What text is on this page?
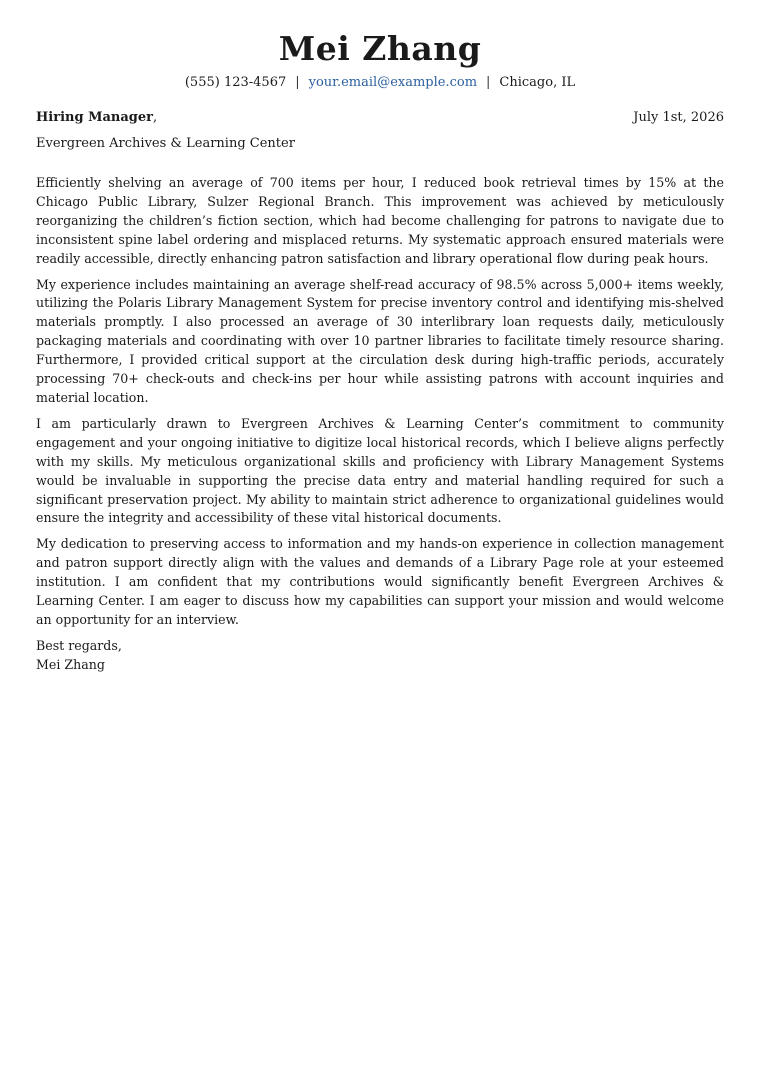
Mei Zhang
(555) 123-4567 | your.email@example.com | Chicago, IL
Hiring Manager,	July 1st, 2026
Evergreen Archives & Learning Center

Efficiently shelving an average of 700 items per hour, I reduced book retrieval times by 15% at the Chicago Public Library, Sulzer Regional Branch. This improvement was achieved by meticulously reorganizing the children’s fiction section, which had become challenging for patrons to navigate due to inconsistent spine label ordering and misplaced returns. My systematic approach ensured materials were readily accessible, directly enhancing patron satisfaction and library operational flow during peak hours.

My experience includes maintaining an average shelf-read accuracy of 98.5% across 5,000+ items weekly, utilizing the Polaris Library Management System for precise inventory control and identifying mis-shelved materials promptly. I also processed an average of 30 interlibrary loan requests daily, meticulously packaging materials and coordinating with over 10 partner libraries to facilitate timely resource sharing. Furthermore, I provided critical support at the circulation desk during high-traffic periods, accurately processing 70+ check-outs and check-ins per hour while assisting patrons with account inquiries and material location.

I am particularly drawn to Evergreen Archives & Learning Center’s commitment to community engagement and your ongoing initiative to digitize local historical records, which I believe aligns perfectly with my skills. My meticulous organizational skills and proficiency with Library Management Systems would be invaluable in supporting the precise data entry and material handling required for such a significant preservation project. My ability to maintain strict adherence to organizational guidelines would ensure the integrity and accessibility of these vital historical documents.

My dedication to preserving access to information and my hands-on experience in collection management and patron support directly align with the values and demands of a Library Page role at your esteemed institution. I am confident that my contributions would significantly benefit Evergreen Archives & Learning Center. I am eager to discuss how my capabilities can support your mission and would welcome an opportunity for an interview.

Best regards,
Mei Zhang
